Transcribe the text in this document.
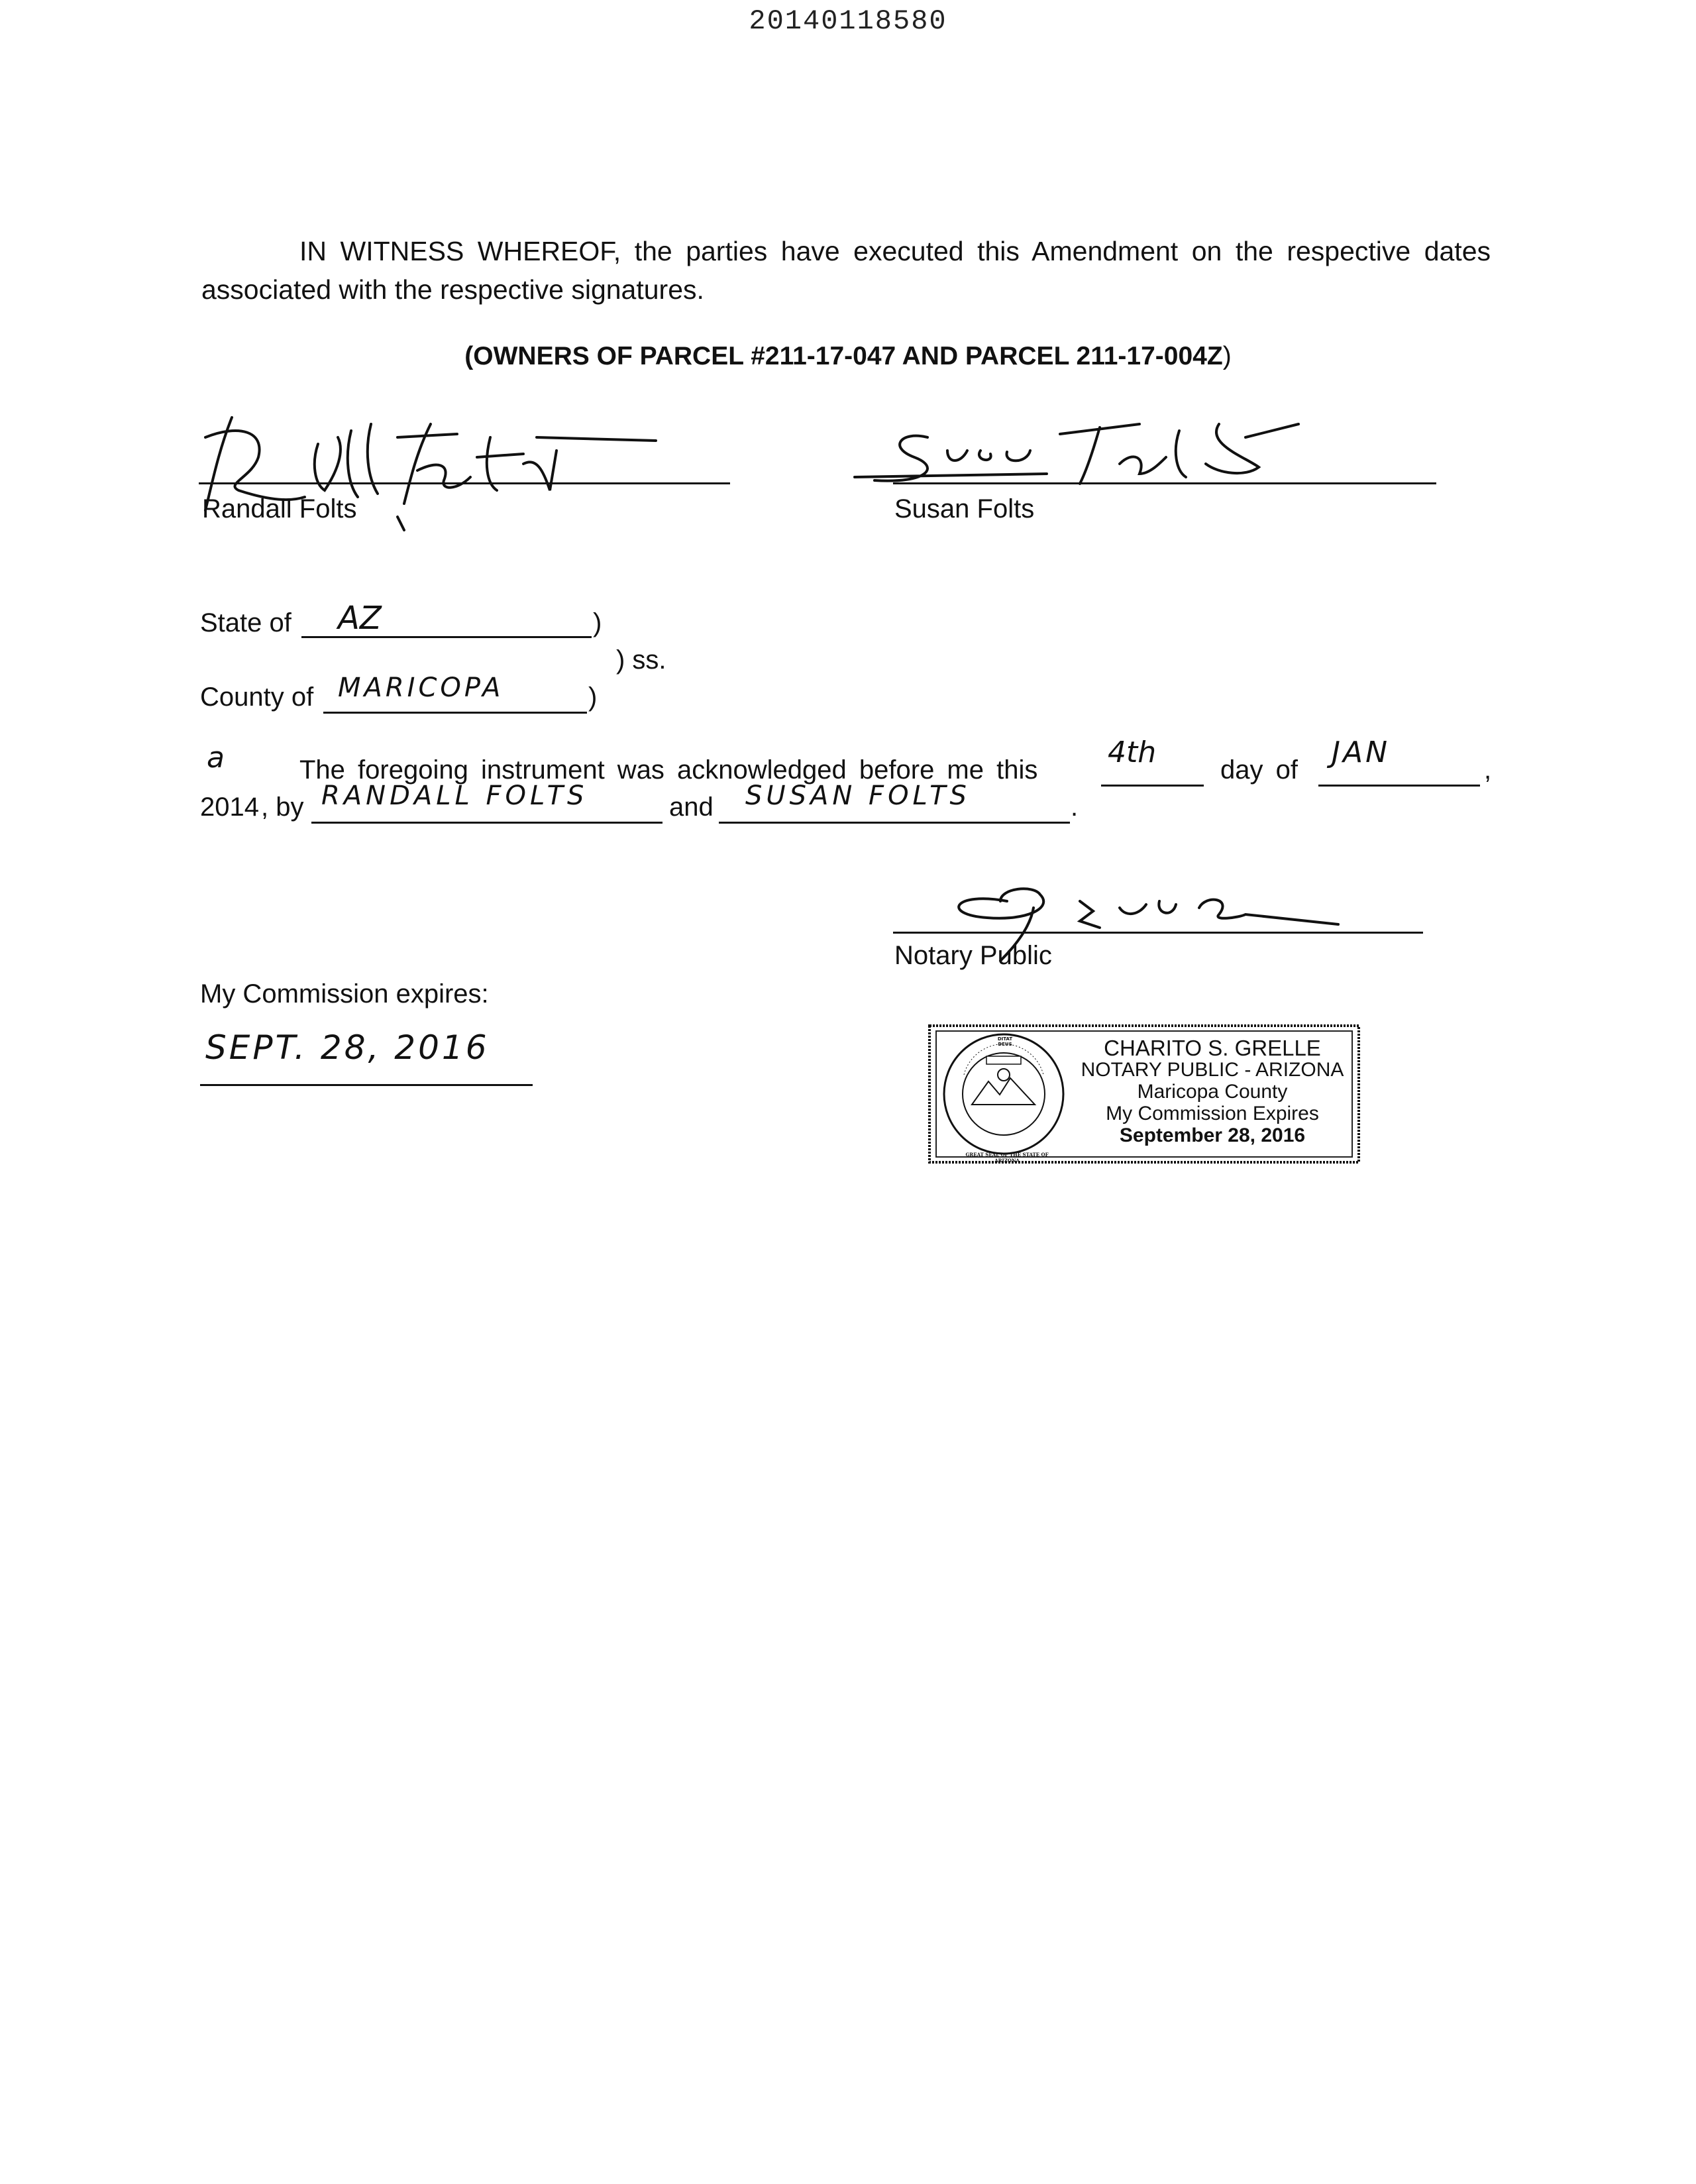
20140118580
IN WITNESS WHEREOF, the parties have executed this Amendment on the respective dates associated with the respective signatures.
(OWNERS OF PARCEL #211-17-047 AND PARCEL 211-17-004Z)
Randall Folts	Susan Folts
State of AZ	)
) ss.
County of MARICOPA	)
a	The foregoing instrument was acknowledged before me this
4th
day of
JAN
,
2014 , by RANDALL FOLTS	and SUSAN FOLTS	.
Notary Public
My Commission expires:
SEPT. 28, 2016	DITAT DEUS
GREAT SEAL OF THE STATE OF ARIZONA
CHARITO S. GRELLE
NOTARY PUBLIC - ARIZONA
Maricopa County
My Commission Expires
September 28, 2016
